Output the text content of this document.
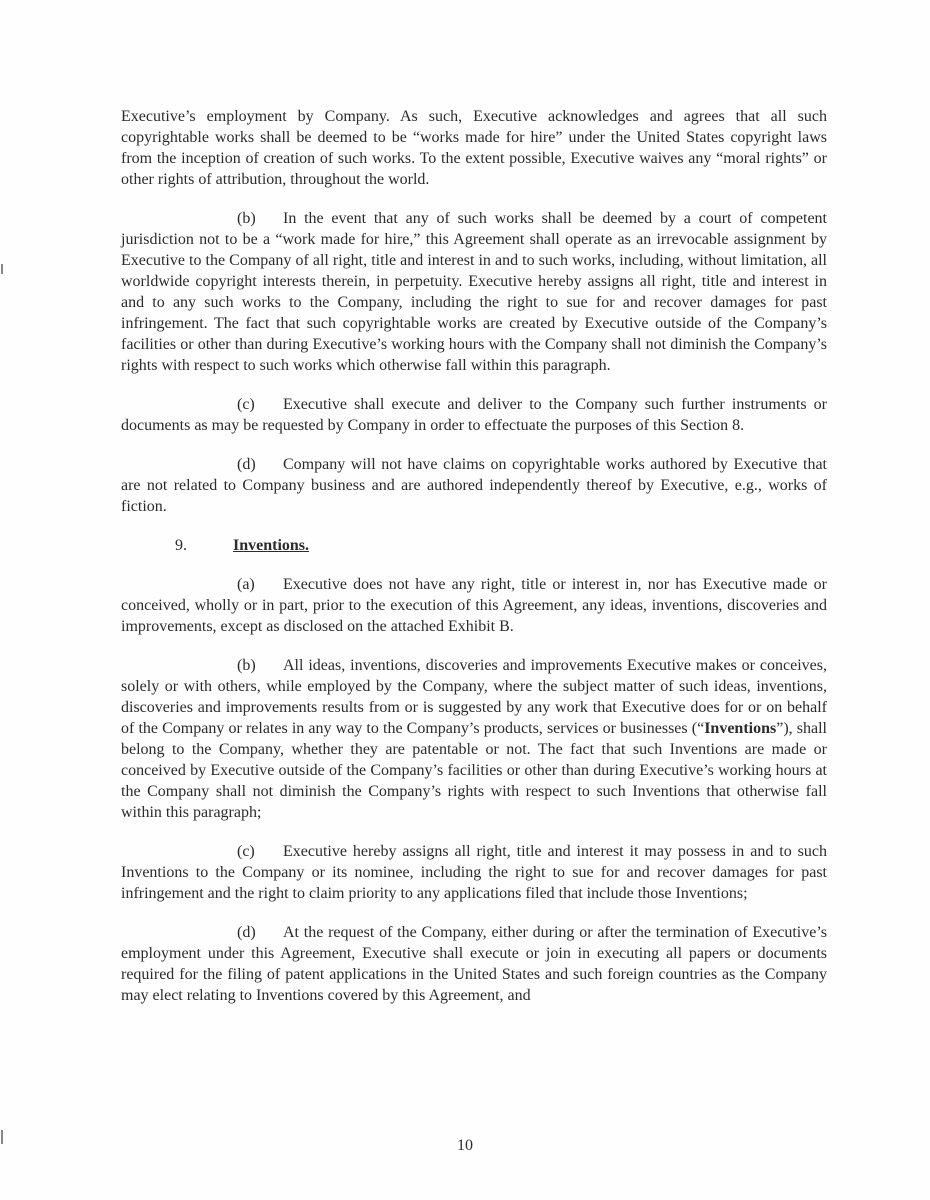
Executive’s employment by Company. As such, Executive acknowledges and agrees that all such copyrightable works shall be deemed to be “works made for hire” under the United States copyright laws from the inception of creation of such works. To the extent possible, Executive waives any “moral rights” or other rights of attribution, throughout the world.

(b) In the event that any of such works shall be deemed by a court of competent jurisdiction not to be a “work made for hire,” this Agreement shall operate as an irrevocable assignment by Executive to the Company of all right, title and interest in and to such works, including, without limitation, all worldwide copyright interests therein, in perpetuity. Executive hereby assigns all right, title and interest in and to any such works to the Company, including the right to sue for and recover damages for past infringement. The fact that such copyrightable works are created by Executive outside of the Company’s facilities or other than during Executive’s working hours with the Company shall not diminish the Company’s rights with respect to such works which otherwise fall within this paragraph.

(c) Executive shall execute and deliver to the Company such further instruments or documents as may be requested by Company in order to effectuate the purposes of this Section 8.

(d) Company will not have claims on copyrightable works authored by Executive that are not related to Company business and are authored independently thereof by Executive, e.g., works of fiction.

9.	Inventions.

(a) Executive does not have any right, title or interest in, nor has Executive made or conceived, wholly or in part, prior to the execution of this Agreement, any ideas, inventions, discoveries and improvements, except as disclosed on the attached Exhibit B.

(b) All ideas, inventions, discoveries and improvements Executive makes or conceives, solely or with others, while employed by the Company, where the subject matter of such ideas, inventions, discoveries and improvements results from or is suggested by any work that Executive does for or on behalf of the Company or relates in any way to the Company’s products, services or businesses (“Inventions”), shall belong to the Company, whether they are patentable or not. The fact that such Inventions are made or conceived by Executive outside of the Company’s facilities or other than during Executive’s working hours at the Company shall not diminish the Company’s rights with respect to such Inventions that otherwise fall within this paragraph;

(c) Executive hereby assigns all right, title and interest it may possess in and to such Inventions to the Company or its nominee, including the right to sue for and recover damages for past infringement and the right to claim priority to any applications filed that include those Inventions;

(d) At the request of the Company, either during or after the termination of Executive’s employment under this Agreement, Executive shall execute or join in executing all papers or documents required for the filing of patent applications in the United States and such foreign countries as the Company may elect relating to Inventions covered by this Agreement, and

10
